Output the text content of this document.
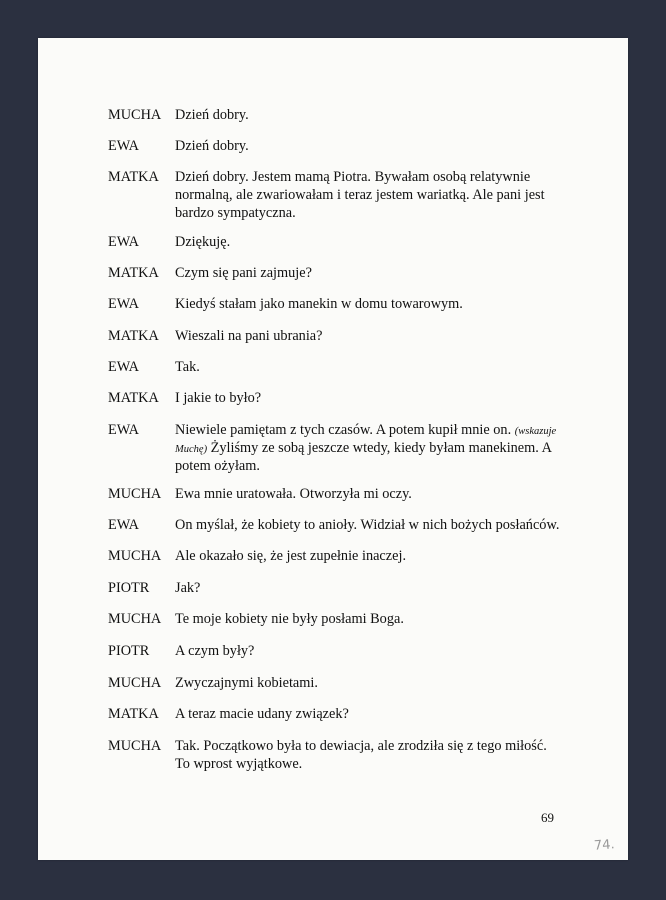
MUCHA Dzień dobry.
EWA	Dzień dobry.
MATKA Dzień dobry. Jestem mamą Piotra. Bywałam osobą relatywnie
normalną, ale zwariowałam i teraz jestem wariatką. Ale pani jest
bardzo sympatyczna.
EWA	Dziękuję.
MATKA Czym się pani zajmuje?
EWA	Kiedyś stałam jako manekin w domu towarowym.
MATKA Wieszali na pani ubrania?
EWA	Tak.
MATKA I jakie to było?
EWA	Niewiele pamiętam z tych czasów. A potem kupił mnie on. (wskazuje
Muchę) Żyliśmy ze sobą jeszcze wtedy, kiedy byłam manekinem. A
potem ożyłam.
MUCHA Ewa mnie uratowała. Otworzyła mi oczy.
EWA	On myślał, że kobiety to anioły. Widział w nich bożych posłańców.
MUCHA Ale okazało się, że jest zupełnie inaczej.
PIOTR Jak?
MUCHA Te moje kobiety nie były posłami Boga.
PIOTR A czym były?
MUCHA Zwyczajnymi kobietami.
MATKA A teraz macie udany związek?
MUCHA Tak. Początkowo była to dewiacja, ale zrodziła się z tego miłość.
To wprost wyjątkowe.
69
74.
